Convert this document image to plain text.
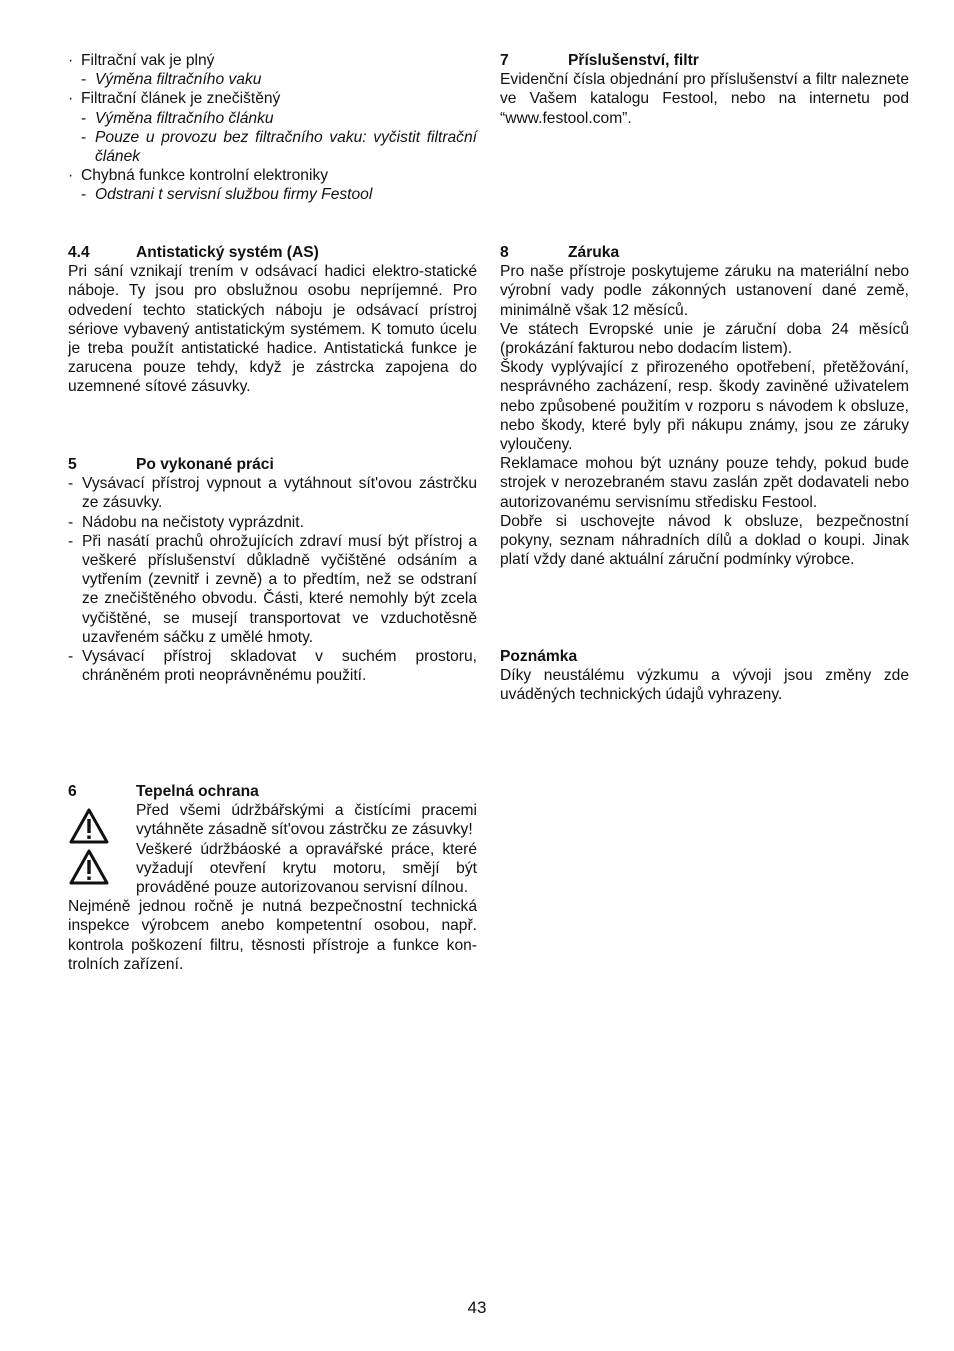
· Filtrační vak je plný

- Výměna filtračního vaku

· Filtrační článek je znečištěný

- Výměna filtračního článku

- Pouze u provozu bez filtračního vaku: vyčistit filtrační článek

· Chybná funkce kontrolní elektroniky

- Odstrani t servisní službou firmy Festool

4.4	Antistatický systém (AS)

Pri sání vznikají trením v odsávací hadici elektro-statické náboje. Ty jsou pro obslužnou osobu nepríjemné. Pro odvedení techto statických náboju je odsávací prístroj sériove vybavený antistatickým systémem. K tomuto úcelu je treba použít antistatické hadice. Antistatická funkce je zarucena pouze tehdy, když je zástrcka zapojena do uzemnené sítové zásuvky.

5	Po vykonané práci

- Vysávací přístroj vypnout a vytáhnout sít'ovou zástrčku ze zásuvky.

- Nádobu na nečistoty vyprázdnit.

- Při nasátí prachů ohrožujících zdraví musí být přístroj a veškeré příslušenství důkladně vyčištěné odsáním a vytřením (zevnitř i zevně) a to předtím, než se odstraní ze znečištěného obvodu. Části, které nemohly být zcela vyčištěné, se musejí transportovat ve vzduchotěsně uzavřeném sáčku z umělé hmoty.

- Vysávací přístroj skladovat v suchém prostoru, chráněném proti neoprávněnému použití.

6	Tepelná ochrana

Před všemi údržbářskými a čistícími pracemi vytáhněte zásadně sít'ovou zástrčku ze zásuvky!

Veškeré údržbáoské a opravářské práce, které vyžadují otevření krytu motoru, smějí být prováděné pouze autorizovanou servisní dílnou.

Nejméně jednou ročně je nutná bezpečnostní technická inspekce výrobcem anebo kompetentní osobou, např. kontrola poškození filtru, těsnosti přístroje a funkce kon-trolních zařízení.

7	Příslušenství, filtr

Evidenční čísla objednání pro příslušenství a filtr naleznete ve Vašem katalogu Festool, nebo na internetu pod “www.festool.com”.

8	Záruka

Pro naše přístroje poskytujeme záruku na materiální nebo výrobní vady podle zákonných ustanovení dané země, minimálně však 12 měsíců.

Ve státech Evropské unie je záruční doba 24 měsíců (prokázání fakturou nebo dodacím listem).

Škody vyplývající z přirozeného opotřebení, přetěžování, nesprávného zacházení, resp. škody zaviněné uživatelem nebo způsobené použitím v rozporu s návodem k obsluze, nebo škody, které byly při nákupu známy, jsou ze záruky vyloučeny.

Reklamace mohou být uznány pouze tehdy, pokud bude strojek v nerozebraném stavu zaslán zpět dodavateli nebo autorizovanému servisnímu středisku Festool.

Dobře si uschovejte návod k obsluze, bezpečnostní pokyny, seznam náhradních dílů a doklad o koupi. Jinak platí vždy dané aktuální záruční podmínky výrobce.

Poznámka

Díky neustálému výzkumu a vývoji jsou změny zde uváděných technických údajů vyhrazeny.

43
